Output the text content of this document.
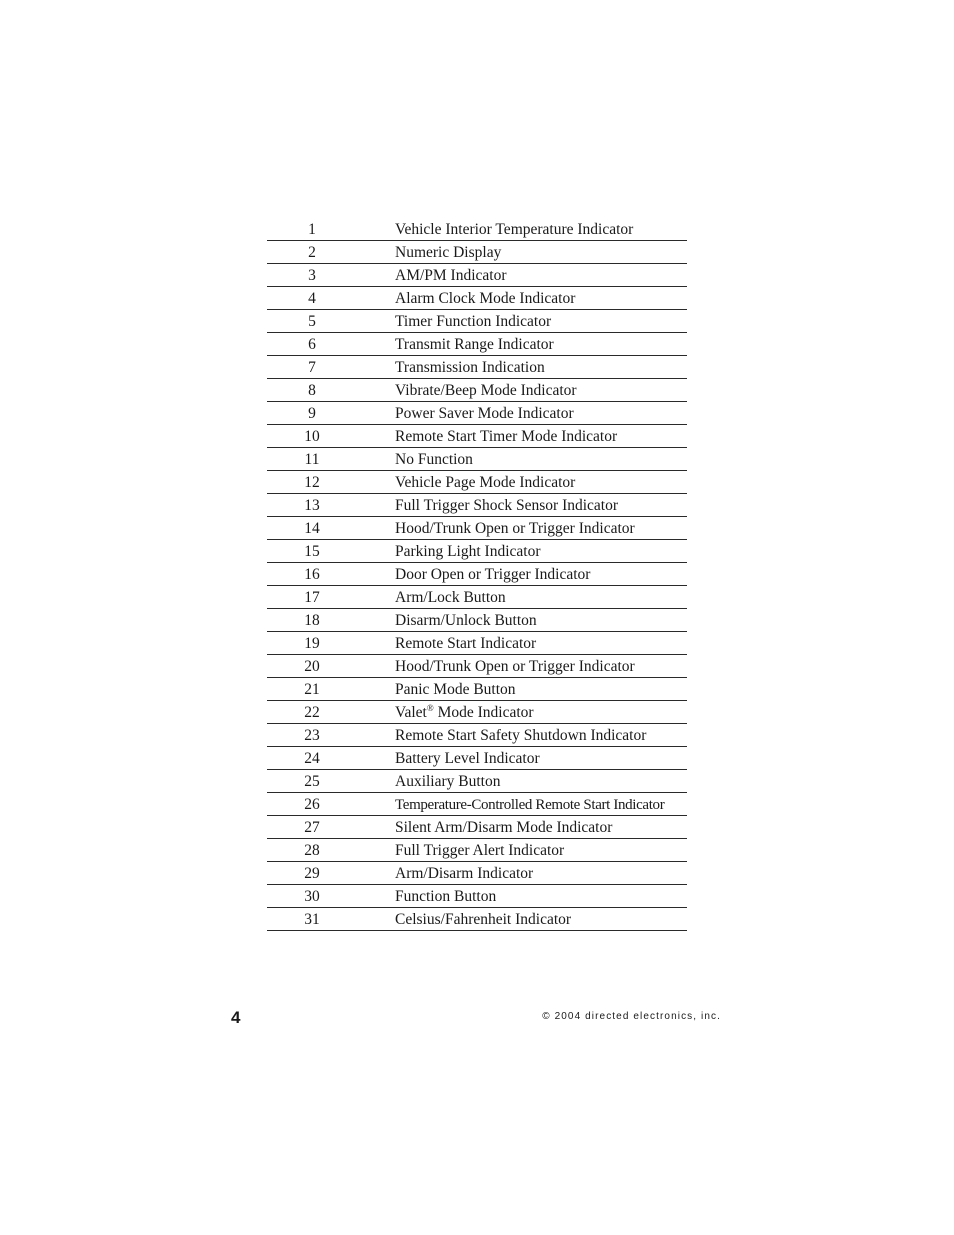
1	Vehicle Interior Temperature Indicator
2	Numeric Display
3	AM/PM Indicator
4	Alarm Clock Mode Indicator
5	Timer Function Indicator
6	Transmit Range Indicator
7	Transmission Indication
8	Vibrate/Beep Mode Indicator
9	Power Saver Mode Indicator
10	Remote Start Timer Mode Indicator
11	No Function
12	Vehicle Page Mode Indicator
13	Full Trigger Shock Sensor Indicator
14	Hood/Trunk Open or Trigger Indicator
15	Parking Light Indicator
16	Door Open or Trigger Indicator
17	Arm/Lock Button
18	Disarm/Unlock Button
19	Remote Start Indicator
20	Hood/Trunk Open or Trigger Indicator
21	Panic Mode Button
22	Valet® Mode Indicator
23	Remote Start Safety Shutdown Indicator
24	Battery Level Indicator
25	Auxiliary Button
26	Temperature-Controlled Remote Start Indicator
27	Silent Arm/Disarm Mode Indicator
28	Full Trigger Alert Indicator
29	Arm/Disarm Indicator
30	Function Button
31	Celsius/Fahrenheit Indicator
4	© 2004 directed electronics, inc.
